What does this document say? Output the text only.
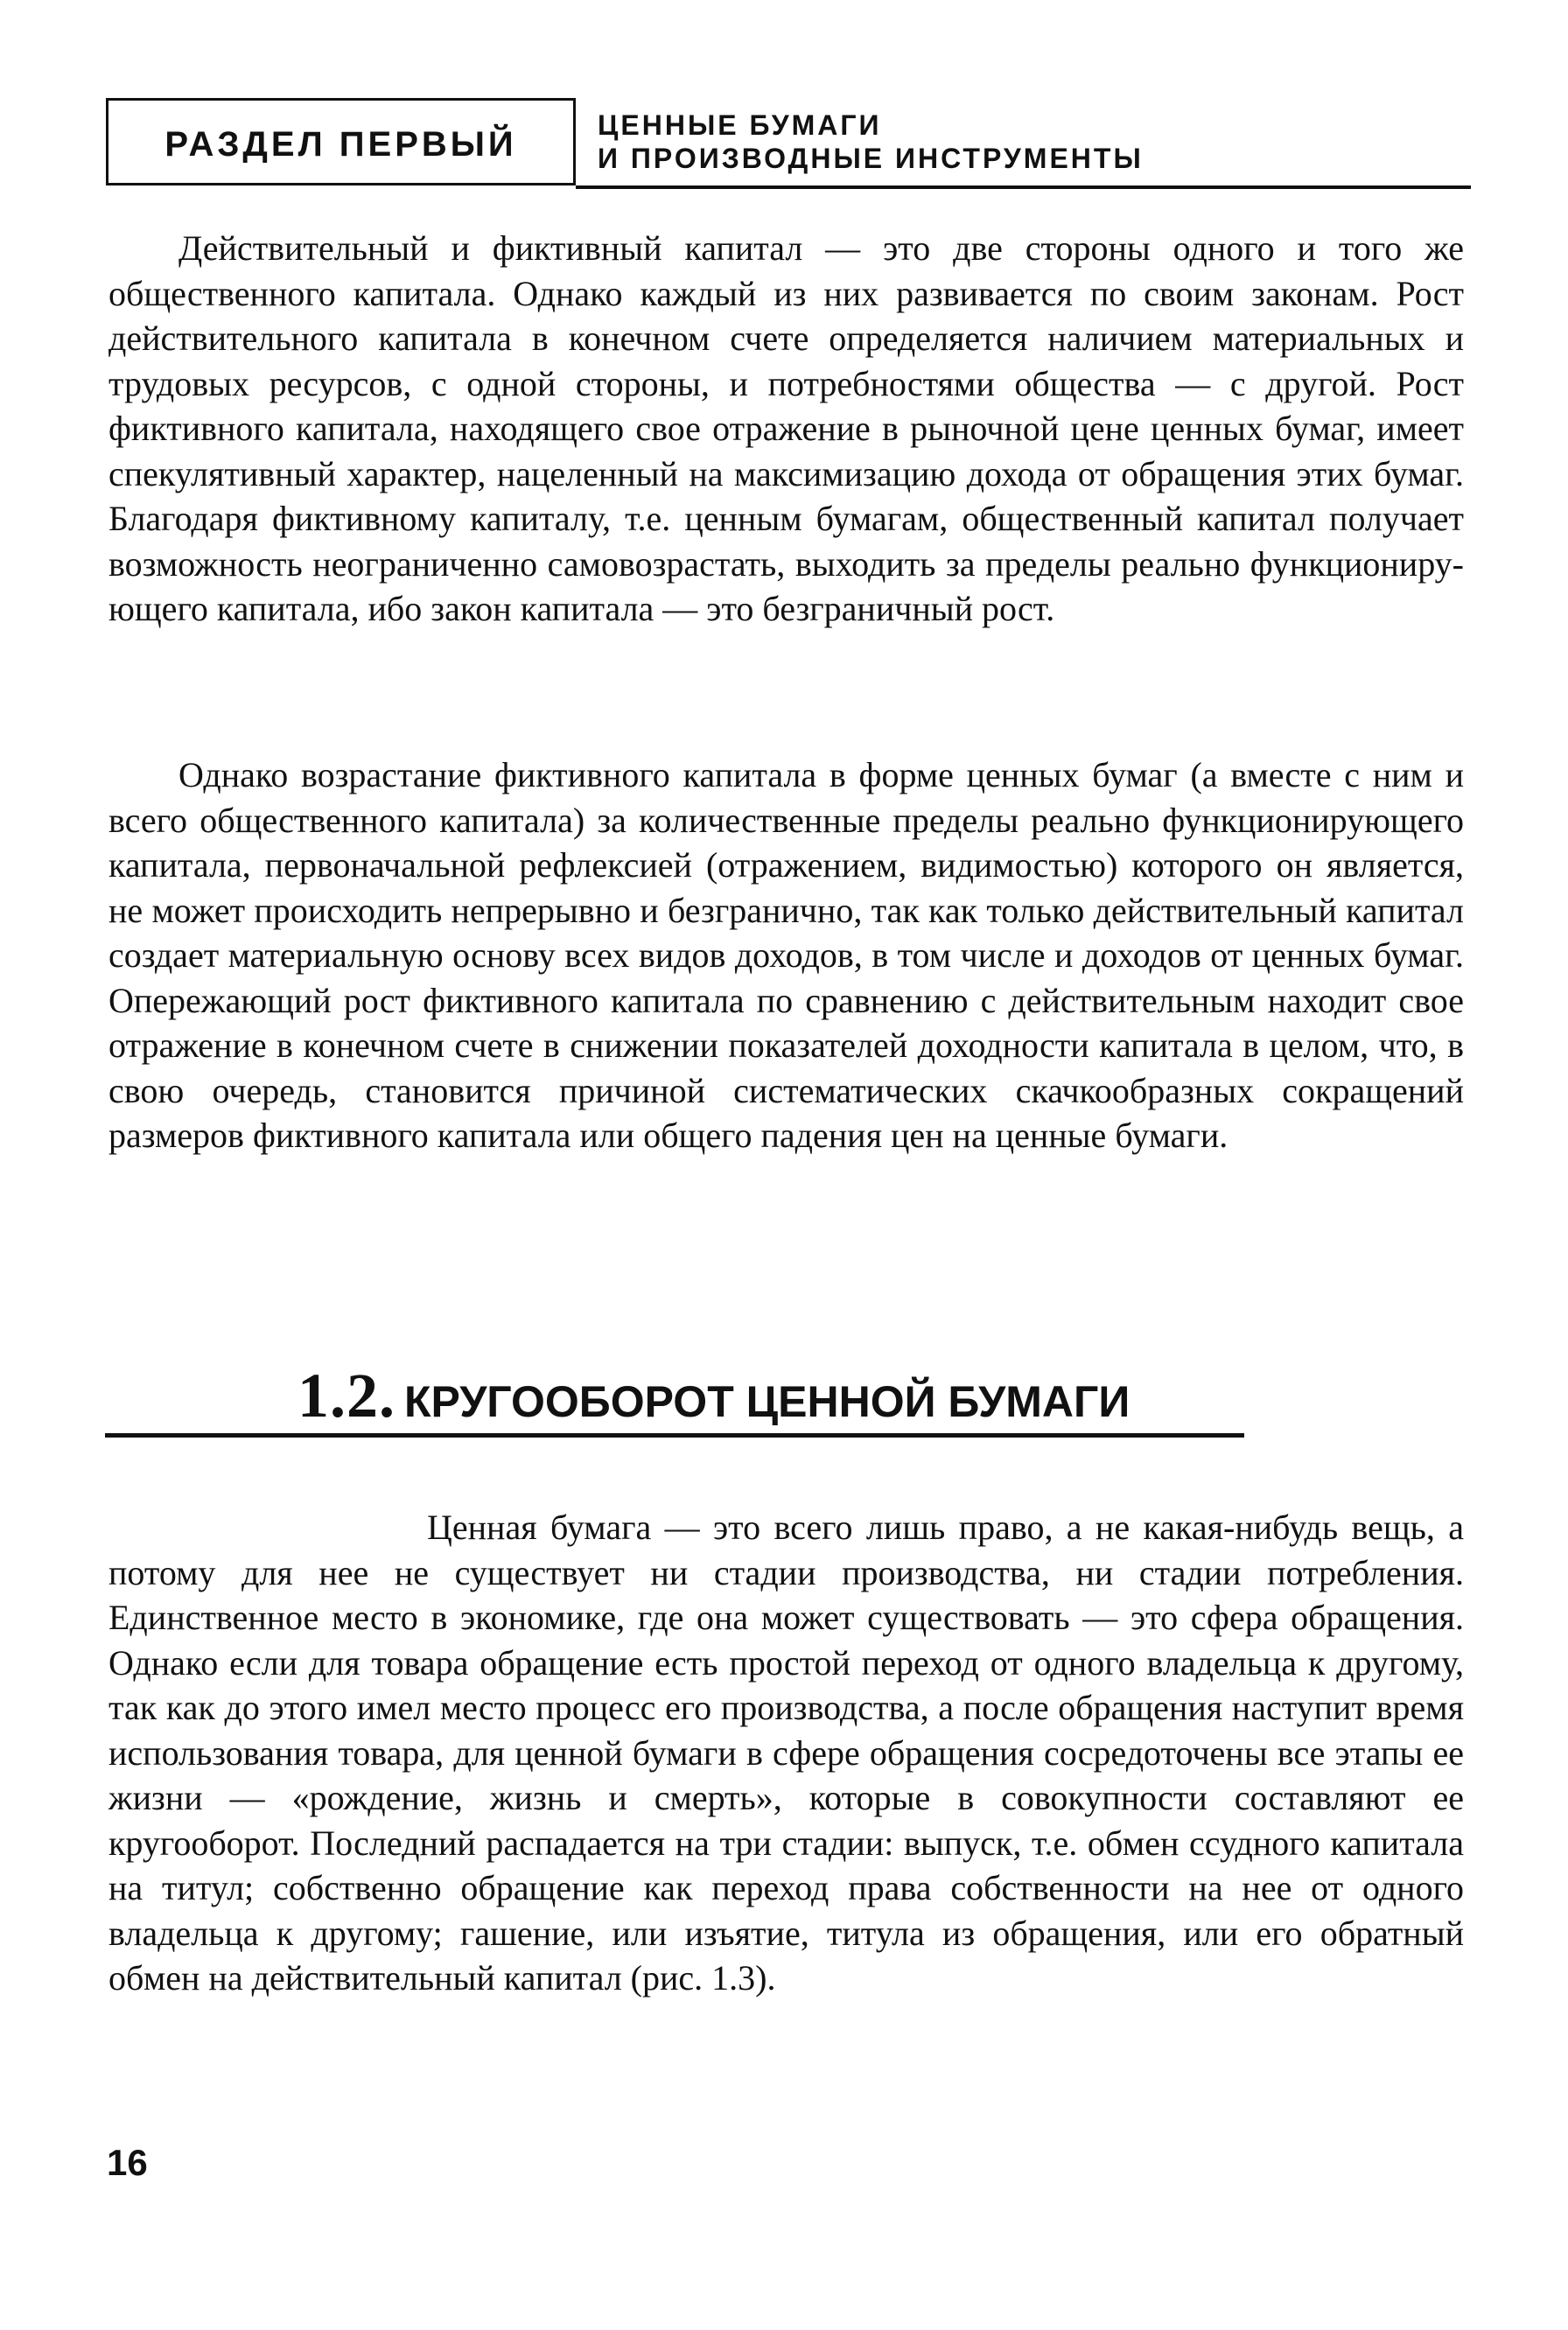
РАЗДЕЛ ПЕРВЫЙ	ЦЕННЫЕ БУМАГИ
И ПРОИЗВОДНЫЕ ИНСТРУМЕНТЫ

Действительный и фиктивный капитал — это две стороны одного и того же общественного капитала. Однако каждый из них развивается по своим законам. Рост действительного капитала в конечном счете определяется наличием материальных и трудовых ресурсов, с одной стороны, и потребностями общества — с другой. Рост фиктивного капитала, находящего свое отражение в рыночной цене ценных бумаг, имеет спекулятивный характер, нацеленный на максимизацию дохода от обращения этих бумаг. Благодаря фиктивному капиталу, т.е. ценным бумагам, общественный капитал получает возможность неограниченно самовозрастать, выходить за пределы реально функционирующего капитала, ибо закон капитала — это безграничный рост.

Однако возрастание фиктивного капитала в форме ценных бумаг (а вместе с ним и всего общественного капитала) за количественные пределы реально функционирующего капитала, первоначальной рефлексией (отражением, видимостью) которого он является, не может происходить непрерывно и безгранично, так как только действительный капитал создает материальную основу всех видов доходов, в том числе и доходов от ценных бумаг. Опережающий рост фиктивного капитала по сравнению с действительным находит свое отражение в конечном счете в снижении показателей доходности капитала в целом, что, в свою очередь, становится причиной систематических скачкообразных сокращений размеров фиктивного капитала или общего падения цен на ценные бумаги.

1.2. КРУГООБОРОТ ЦЕННОЙ БУМАГИ

Ценная бумага — это всего лишь право, а не какая-нибудь вещь, а потому для нее не существует ни стадии производства, ни стадии потребления. Единственное место в экономике, где она может существовать — это сфера обращения. Однако если для товара обращение есть простой переход от одного владельца к другому, так как до этого имел место процесс его производства, а после обращения наступит время использования товара, для ценной бумаги в сфере обращения сосредоточены все этапы ее жизни — «рождение, жизнь и смерть», которые в совокупности составляют ее кругооборот. Последний распадается на три стадии: выпуск, т.е. обмен ссудного капитала на титул; собственно обращение как переход права собственности на нее от одного владельца к другому; гашение, или изъятие, титула из обращения, или его обратный обмен на действительный капитал (рис. 1.3).

16
